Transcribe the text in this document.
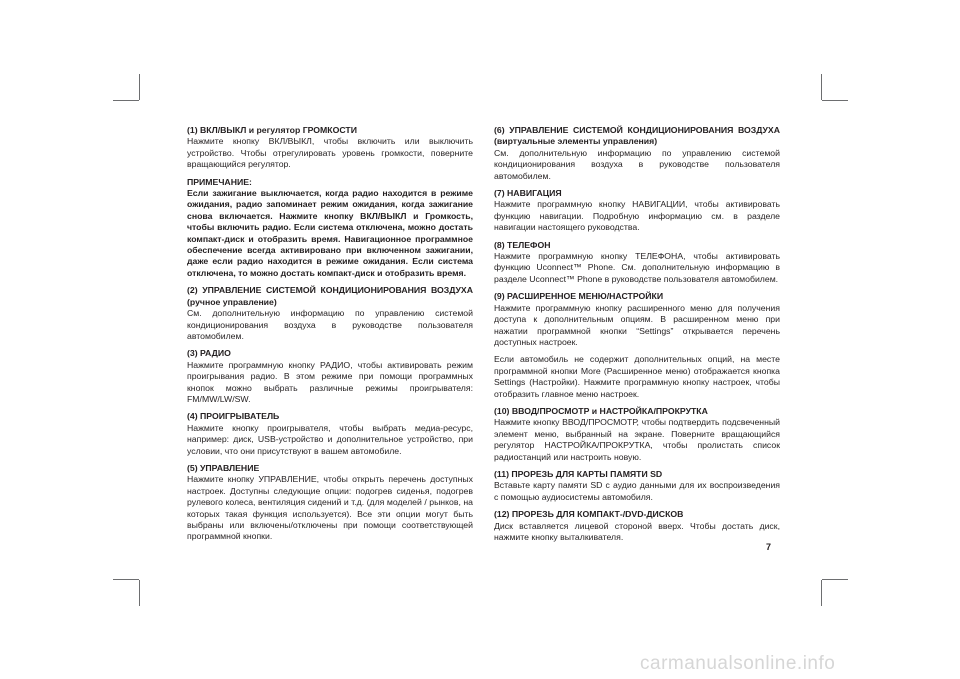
(1) ВКЛ/ВЫКЛ и регулятор ГРОМКОСТИ
Нажмите кнопку ВКЛ/ВЫКЛ, чтобы включить или выключить устройство. Чтобы отрегулировать уровень громкости, поверните вращающийся регулятор.
ПРИМЕЧАНИЕ:
Если зажигание выключается, когда радио находится в режиме ожидания, радио запоминает режим ожидания, когда зажигание снова включается. Нажмите кнопку ВКЛ/ВЫКЛ и Громкость, чтобы включить радио. Если система отключена, можно достать компакт-диск и отобразить время. Навигационное программное обеспечение всегда активировано при включенном зажигании, даже если радио находится в режиме ожидания. Если система отключена, то можно достать компакт-диск и отобразить время.
(2) УПРАВЛЕНИЕ СИСТЕМОЙ КОНДИЦИОНИРОВАНИЯ ВОЗДУХА (ручное управление)
См. дополнительную информацию по управлению системой кондиционирования воздуха в руководстве пользователя автомобилем.
(3) РАДИО
Нажмите программную кнопку РАДИО, чтобы активировать режим проигрывания радио. В этом режиме при помощи программных кнопок можно выбрать различные режимы проигрывателя: FM/MW/LW/SW.
(4) ПРОИГРЫВАТЕЛЬ
Нажмите кнопку проигрывателя, чтобы выбрать медиа-ресурс, например: диск, USB-устройство и дополнительное устройство, при условии, что они присутствуют в вашем автомобиле.
(5) УПРАВЛЕНИЕ
Нажмите кнопку УПРАВЛЕНИЕ, чтобы открыть перечень доступных настроек. Доступны следующие опции: подогрев сиденья, подогрев рулевого колеса, вентиляция сидений и т.д. (для моделей / рынков, на которых такая функция используется). Все эти опции могут быть выбраны или включены/отключены при помощи соответствующей программной кнопки.
(6) УПРАВЛЕНИЕ СИСТЕМОЙ КОНДИЦИОНИРОВАНИЯ ВОЗДУХА (виртуальные элементы управления)
См. дополнительную информацию по управлению системой кондиционирования воздуха в руководстве пользователя автомобилем.
(7) НАВИГАЦИЯ
Нажмите программную кнопку НАВИГАЦИИ, чтобы активировать функцию навигации. Подробную информацию см. в разделе навигации настоящего руководства.
(8) ТЕЛЕФОН
Нажмите программную кнопку ТЕЛЕФОНА, чтобы активировать функцию Uconnect™ Phone. См. дополнительную информацию в разделе Uconnect™ Phone в руководстве пользователя автомобилем.
(9) РАСШИРЕННОЕ МЕНЮ/НАСТРОЙКИ
Нажмите программную кнопку расширенного меню для получения доступа к дополнительным опциям. В расширенном меню при нажатии программной кнопки “Settings” открывается перечень доступных настроек.
Если автомобиль не содержит дополнительных опций, на месте программной кнопки More (Расширенное меню) отображается кнопка Settings (Настройки). Нажмите программную кнопку настроек, чтобы отобразить главное меню настроек.
(10) ВВОД/ПРОСМОТР и НАСТРОЙКА/ПРОКРУТКА
Нажмите кнопку ВВОД/ПРОСМОТР, чтобы подтвердить подсвеченный элемент меню, выбранный на экране. Поверните вращающийся регулятор НАСТРОЙКА/ПРОКРУТКА, чтобы пролистать список радиостанций или настроить новую.
(11) ПРОРЕЗЬ ДЛЯ КАРТЫ ПАМЯТИ SD
Вставьте карту памяти SD с аудио данными для их воспроизведения с помощью аудиосистемы автомобиля.
(12) ПРОРЕЗЬ ДЛЯ КОМПАКТ-/DVD-ДИСКОВ
Диск вставляется лицевой стороной вверх. Чтобы достать диск, нажмите кнопку выталкивателя.
7
carmanualsonline.info
